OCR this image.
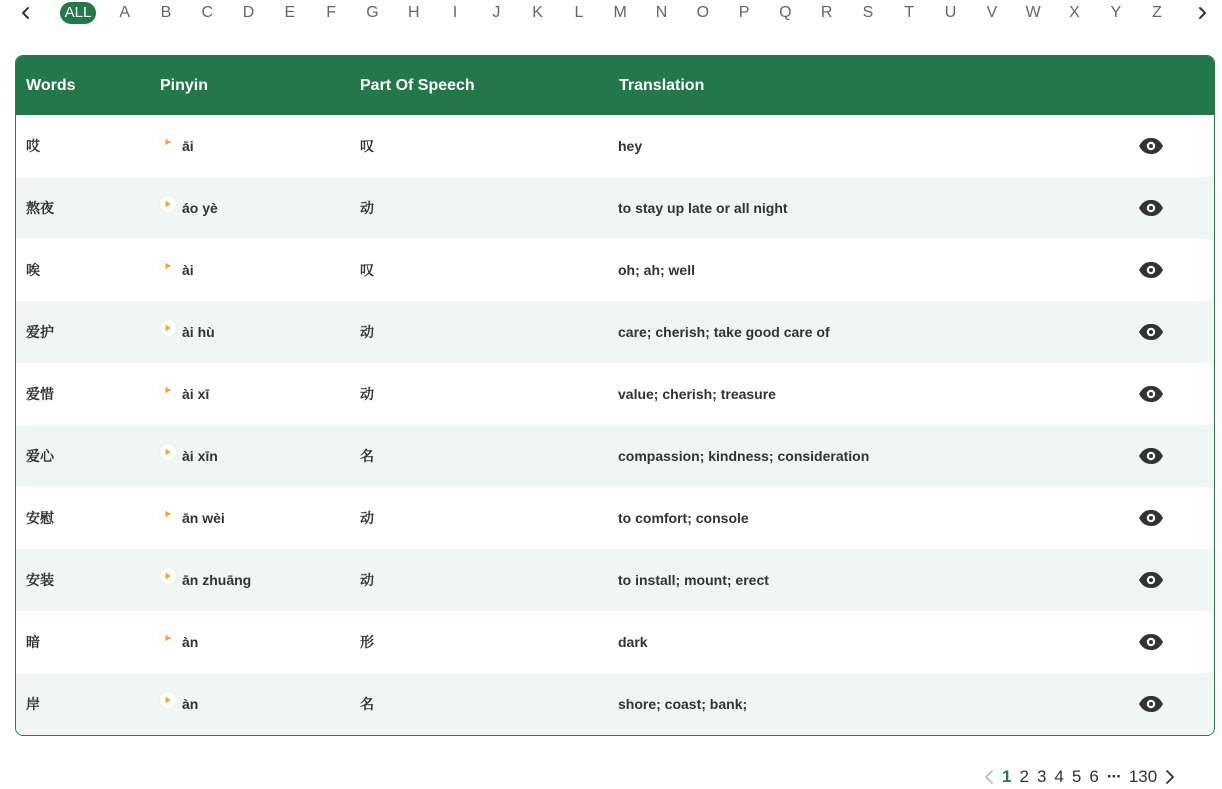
ALL	A	B	C	D	E	F	G	H	I	J	K	L	M	N	O	P	Q	R	S	T	U	V	W	X	Y	Z
Words	Pinyin	Part Of Speech	Translation
哎	āi	叹	hey
熬夜	áo yè	动	to stay up late or all night
唉	ài	叹	oh; ah; well
爱护	ài hù	动	care; cherish; take good care of
爱惜	ài xī	动	value; cherish; treasure
爱心	ài xīn	名	compassion; kindness; consideration
安慰	ān wèi	动	to comfort; console
安装	ān zhuāng	动	to install; mount; erect
暗	àn	形	dark
岸	àn	名	shore; coast; bank;
1 2 3 4 5 6 ··· 130
